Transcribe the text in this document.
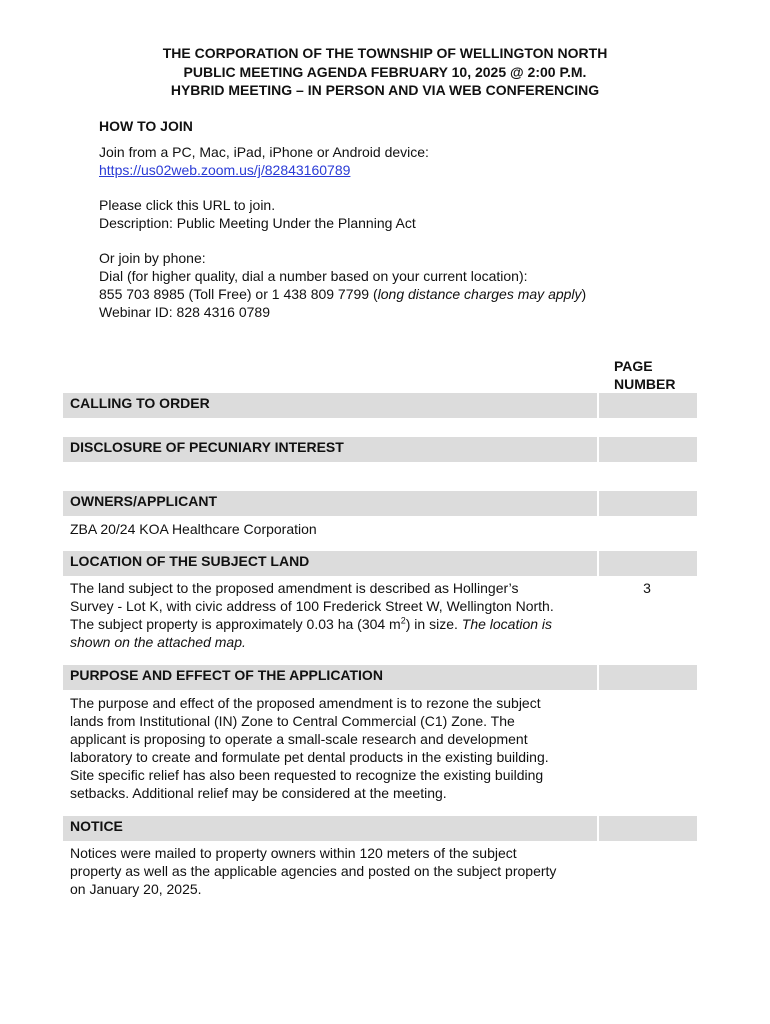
THE CORPORATION OF THE TOWNSHIP OF WELLINGTON NORTH
PUBLIC MEETING AGENDA FEBRUARY 10, 2025 @ 2:00 P.M.
HYBRID MEETING – IN PERSON AND VIA WEB CONFERENCING
HOW TO JOIN
Join from a PC, Mac, iPad, iPhone or Android device:
https://us02web.zoom.us/j/82843160789
Please click this URL to join.
Description: Public Meeting Under the Planning Act
Or join by phone:
Dial (for higher quality, dial a number based on your current location):
855 703 8985 (Toll Free) or 1 438 809 7799 (long distance charges may apply)
Webinar ID: 828 4316 0789
PAGE
NUMBER
CALLING TO ORDER
DISCLOSURE OF PECUNIARY INTEREST
OWNERS/APPLICANT
ZBA 20/24 KOA Healthcare Corporation
LOCATION OF THE SUBJECT LAND
The land subject to the proposed amendment is described as Hollinger’s
Survey - Lot K, with civic address of 100 Frederick Street W, Wellington North.
The subject property is approximately 0.03 ha (304 $m^2$) in size. The location is
shown on the attached map.
3
PURPOSE AND EFFECT OF THE APPLICATION
The purpose and effect of the proposed amendment is to rezone the subject
lands from Institutional (IN) Zone to Central Commercial (C1) Zone. The
applicant is proposing to operate a small-scale research and development
laboratory to create and formulate pet dental products in the existing building.
Site specific relief has also been requested to recognize the existing building
setbacks. Additional relief may be considered at the meeting.
NOTICE
Notices were mailed to property owners within 120 meters of the subject
property as well as the applicable agencies and posted on the subject property
on January 20, 2025.
